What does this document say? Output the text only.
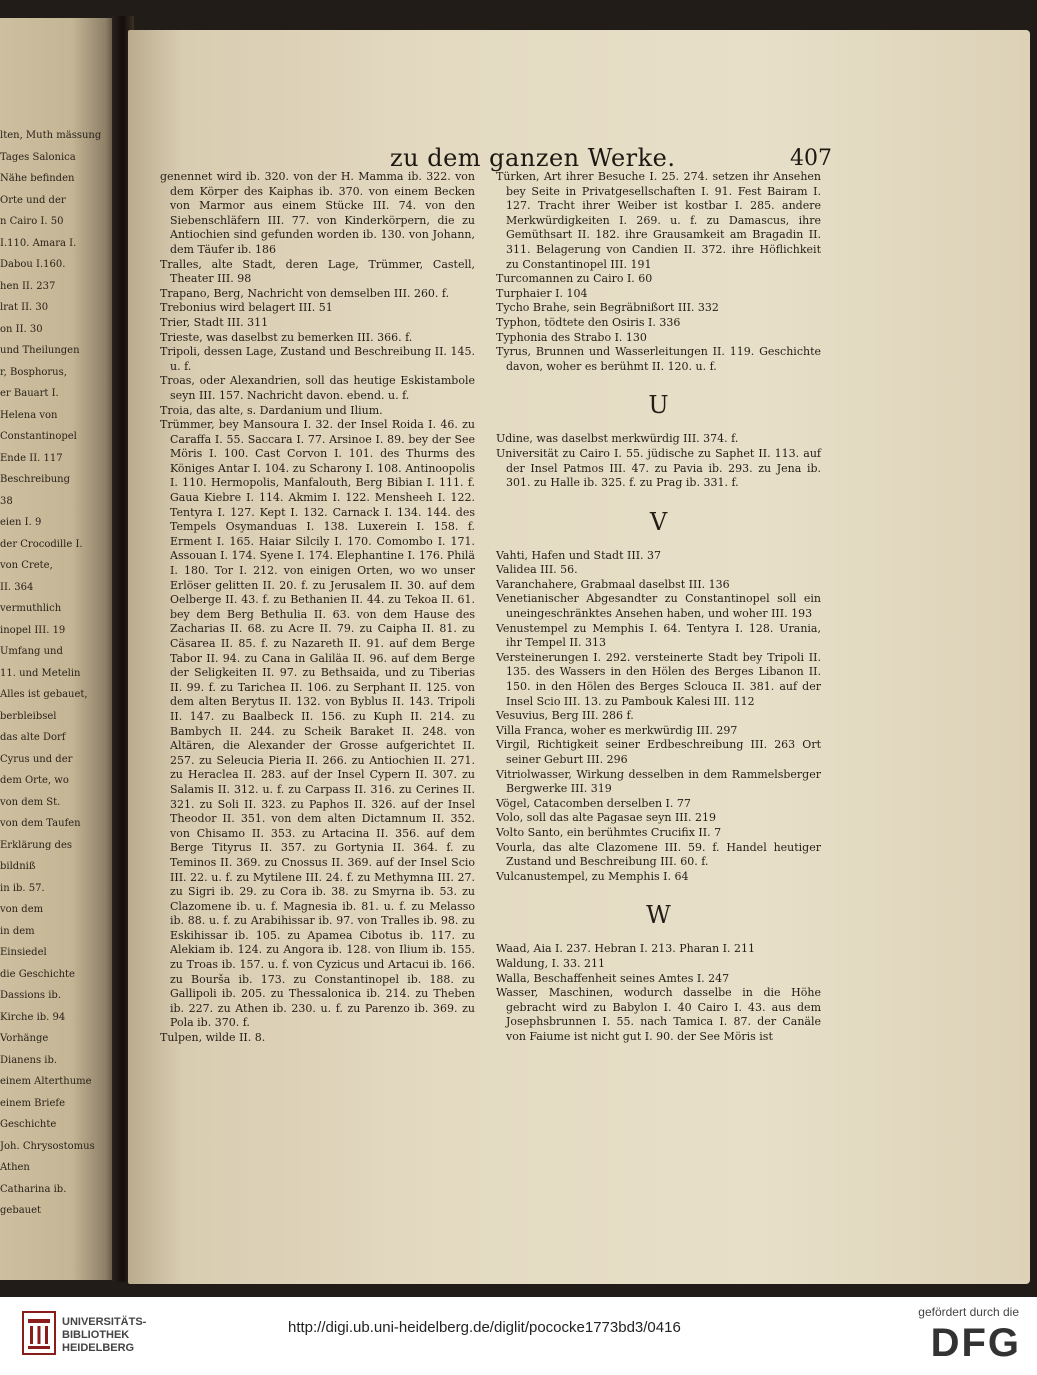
lten, Muth mässung
Tages Salonica
Nähe befinden
Orte und der
n Cairo I. 50
I.110. Amara I.
Dabou I.160.
hen II. 237
lrat II. 30
on II. 30
und Theilungen
r, Bosphorus,
er Bauart I.
Helena von
Constantinopel
Ende II. 117
Beschreibung
38
eien I. 9
der Crocodille I.
von Crete,
II. 364
vermuthlich
inopel III. 19
Umfang und
11. und Metelin
Alles ist gebauet,
berbleibsel
das alte Dorf
Cyrus und der
dem Orte, wo
von dem St.
von dem Taufen
Erklärung des
bildniß
in ib. 57.
von dem
in dem
Einsiedel
die Geschichte
Dassions ib.
Kirche ib. 94
Vorhänge
Dianens ib.
einem Alterthume
einem Briefe
Geschichte
Joh. Chrysostomus
Athen
Catharina ib.
gebauet
zu dem ganzen Werke.	407

genennet wird ib. 320. von der H. Mamma ib. 322. von dem Körper des Kaiphas ib. 370. von einem Becken von Marmor aus einem Stücke III. 74. von den Siebenschläfern III. 77. von Kinderkörpern, die zu Antiochien sind gefunden worden ib. 130. von Johann, dem Täufer ib. 186

Tralles, alte Stadt, deren Lage, Trümmer, Castell, Theater III. 98

Trapano, Berg, Nachricht von demselben III. 260. f.

Trebonius wird belagert III. 51

Trier, Stadt III. 311

Trieste, was daselbst zu bemerken III. 366. f.

Tripoli, dessen Lage, Zustand und Beschreibung II. 145. u. f.

Troas, oder Alexandrien, soll das heutige Eskistambole seyn III. 157. Nachricht davon. ebend. u. f.

Troia, das alte, s. Dardanium und Ilium.

Trümmer, bey Mansoura I. 32. der Insel Roida I. 46. zu Caraffa I. 55. Saccara I. 77. Arsinoe I. 89. bey der See Möris I. 100. Cast Corvon I. 101. des Thurms des Königes Antar I. 104. zu Scharony I. 108. Antinoopolis I. 110. Hermopolis, Manfalouth, Berg Bibian I. 111. f. Gaua Kiebre I. 114. Akmim I. 122. Mensheeh I. 122. Tentyra I. 127. Kept I. 132. Carnack I. 134. 144. des Tempels Osymanduas I. 138. Luxerein I. 158. f. Erment I. 165. Haiar Silcily I. 170. Comombo I. 171. Assouan I. 174. Syene I. 174. Elephantine I. 176. Philä I. 180. Tor I. 212. von einigen Orten, wo wo unser Erlöser gelitten II. 20. f. zu Jerusalem II. 30. auf dem Oelberge II. 43. f. zu Bethanien II. 44. zu Tekoa II. 61. bey dem Berg Bethulia II. 63. von dem Hause des Zacharias II. 68. zu Acre II. 79. zu Caipha II. 81. zu Cäsarea II. 85. f. zu Nazareth II. 91. auf dem Berge Tabor II. 94. zu Cana in Galiläa II. 96. auf dem Berge der Seligkeiten II. 97. zu Bethsaida, und zu Tiberias II. 99. f. zu Tarichea II. 106. zu Serphant II. 125. von dem alten Berytus II. 132. von Byblus II. 143. Tripoli II. 147. zu Baalbeck II. 156. zu Kuph II. 214. zu Bambych II. 244. zu Scheik Baraket II. 248. von Altären, die Alexander der Grosse aufgerichtet II. 257. zu Seleucia Pieria II. 266. zu Antiochien II. 271. zu Heraclea II. 283. auf der Insel Cypern II. 307. zu Salamis II. 312. u. f. zu Carpass II. 316. zu Cerines II. 321. zu Soli II. 323. zu Paphos II. 326. auf der Insel Theodor II. 351. von dem alten Dictamnum II. 352. von Chisamo II. 353. zu Artacina II. 356. auf dem Berge Tityrus II. 357. zu Gortynia II. 364. f. zu Teminos II. 369. zu Cnossus II. 369. auf der Insel Scio III. 22. u. f. zu Mytilene III. 24. f. zu Methymna III. 27. zu Sigri ib. 29. zu Cora ib. 38. zu Smyrna ib. 53. zu Clazomene ib. u. f. Magnesia ib. 81. u. f. zu Melasso ib. 88. u. f. zu Arabihissar ib. 97. von Tralles ib. 98. zu Eskihissar ib. 105. zu Apamea Cibotus ib. 117. zu Alekiam ib. 124. zu Angora ib. 128. von Ilium ib. 155. zu Troas ib. 157. u. f. von Cyzicus und Artacui ib. 166. zu Bourša ib. 173. zu Constantinopel ib. 188. zu Gallipoli ib. 205. zu Thessalonica ib. 214. zu Theben ib. 227. zu Athen ib. 230. u. f. zu Parenzo ib. 369. zu Pola ib. 370. f.

Tulpen, wilde II. 8.

Türken, Art ihrer Besuche I. 25. 274. setzen ihr Ansehen bey Seite in Privatgesellschaften I. 91. Fest Bairam I. 127. Tracht ihrer Weiber ist kostbar I. 285. andere Merkwürdigkeiten I. 269. u. f. zu Damascus, ihre Gemüthsart II. 182. ihre Grausamkeit am Bragadin II. 311. Belagerung von Candien II. 372. ihre Höflichkeit zu Constantinopel III. 191

Turcomannen zu Cairo I. 60

Turphaier I. 104

Tycho Brahe, sein Begräbnißort III. 332

Typhon, tödtete den Osiris I. 336

Typhonia des Strabo I. 130

Tyrus, Brunnen und Wasserleitungen II. 119. Geschichte davon, woher es berühmt II. 120. u. f.

U

Udine, was daselbst merkwürdig III. 374. f.

Universität zu Cairo I. 55. jüdische zu Saphet II. 113. auf der Insel Patmos III. 47. zu Pavia ib. 293. zu Jena ib. 301. zu Halle ib. 325. f. zu Prag ib. 331. f.

V

Vahti, Hafen und Stadt III. 37

Validea III. 56.

Varanchahere, Grabmaal daselbst III. 136

Venetianischer Abgesandter zu Constantinopel soll ein uneingeschränktes Ansehen haben, und woher III. 193

Venustempel zu Memphis I. 64. Tentyra I. 128. Urania, ihr Tempel II. 313

Versteinerungen I. 292. versteinerte Stadt bey Tripoli II. 135. des Wassers in den Hölen des Berges Libanon II. 150. in den Hölen des Berges Sclouca II. 381. auf der Insel Scio III. 13. zu Pambouk Kalesi III. 112

Vesuvius, Berg III. 286 f.

Villa Franca, woher es merkwürdig III. 297

Virgil, Richtigkeit seiner Erdbeschreibung III. 263 Ort seiner Geburt III. 296

Vitriolwasser, Wirkung desselben in dem Rammelsberger Bergwerke III. 319

Vögel, Catacomben derselben I. 77

Volo, soll das alte Pagasae seyn III. 219

Volto Santo, ein berühmtes Crucifix II. 7

Vourla, das alte Clazomene III. 59. f. Handel heutiger Zustand und Beschreibung III. 60. f.

Vulcanustempel, zu Memphis I. 64

W

Waad, Aia I. 237. Hebran I. 213. Pharan I. 211

Waldung, I. 33. 211

Walla, Beschaffenheit seines Amtes I. 247

Wasser, Maschinen, wodurch dasselbe in die Höhe gebracht wird zu Babylon I. 40 Cairo I. 43. aus dem Josephsbrunnen I. 55. nach Tamica I. 87. der Canäle von Faiume ist nicht gut I. 90. der See Möris ist

UNIVERSITÄTS-
BIBLIOTHEK
HEIDELBERG
http://digi.ub.uni-heidelberg.de/diglit/pococke1773bd3/0416
gefördert durch die
DFG
